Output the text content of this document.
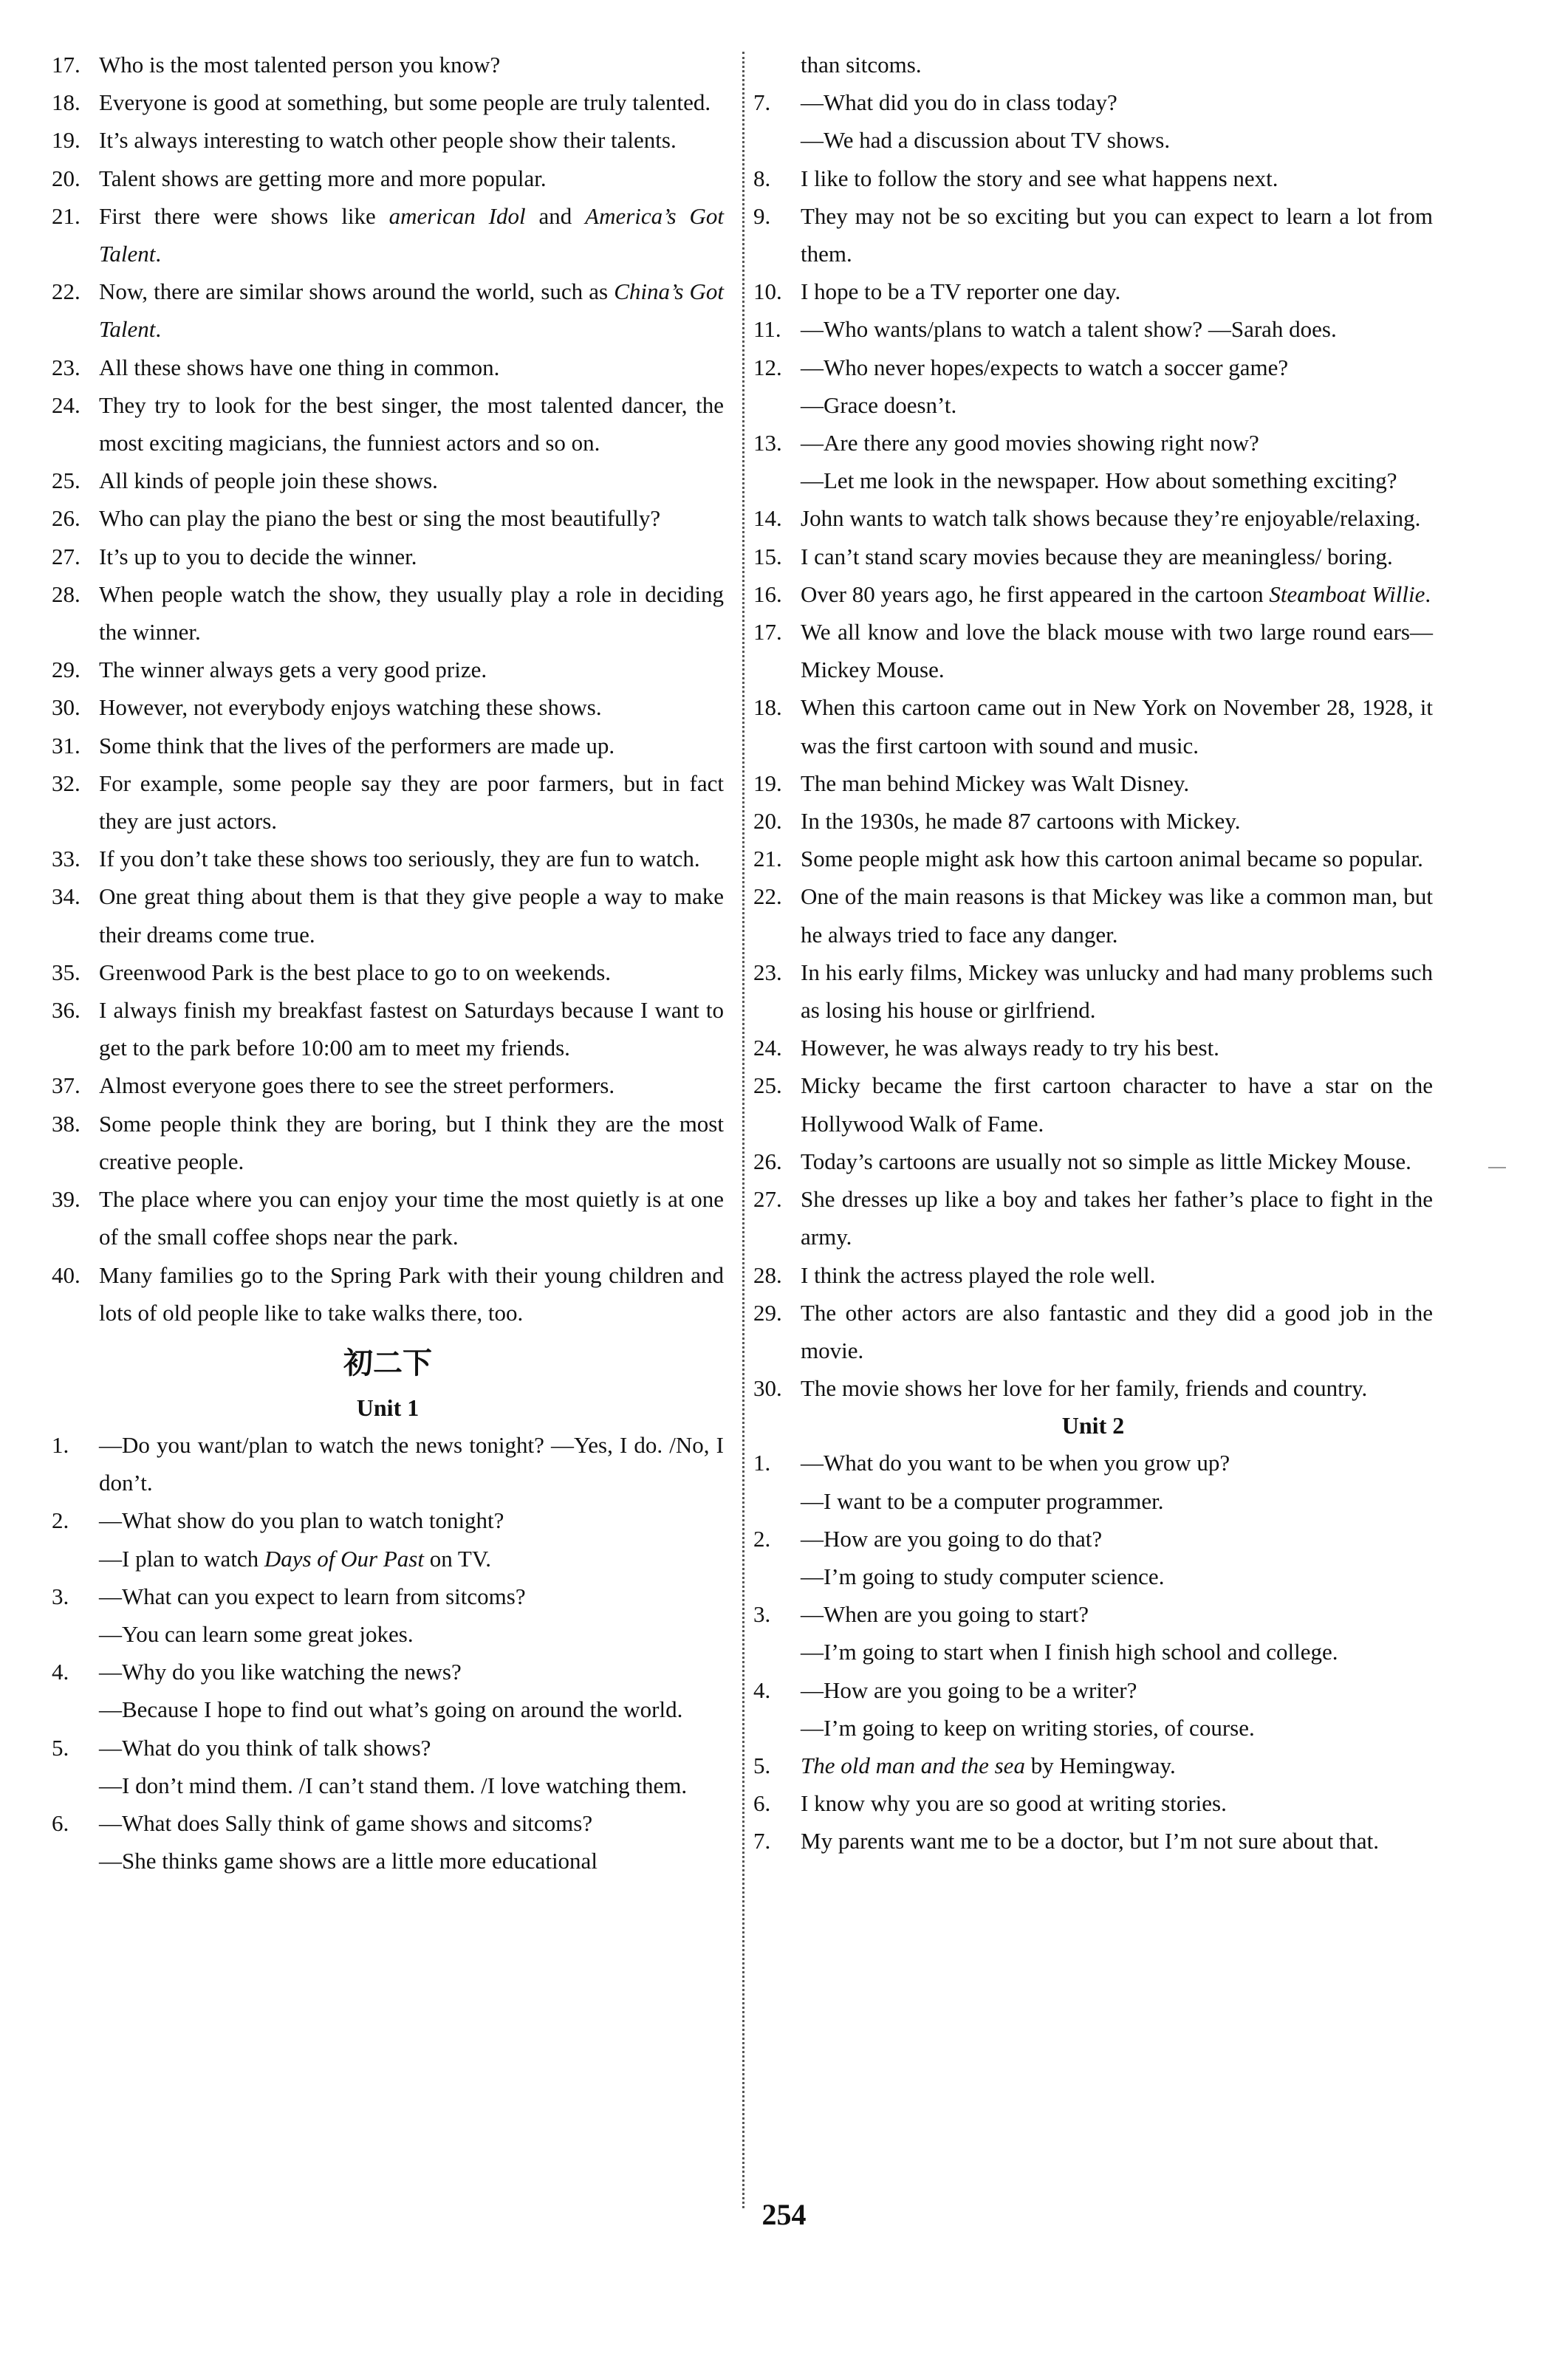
17. Who is the most talented person you know?
18. Everyone is good at something, but some people are truly talented.
19. It’s always interesting to watch other people show their talents.
20. Talent shows are getting more and more popular.
21. First there were shows like american Idol and America’s Got Talent.
22. Now, there are similar shows around the world, such as China’s Got Talent.
23. All these shows have one thing in common.
24. They try to look for the best singer, the most talented dancer, the most exciting magicians, the funniest actors and so on.
25. All kinds of people join these shows.
26. Who can play the piano the best or sing the most beautifully?
27. It’s up to you to decide the winner.
28. When people watch the show, they usually play a role in deciding the winner.
29. The winner always gets a very good prize.
30. However, not everybody enjoys watching these shows.
31. Some think that the lives of the performers are made up.
32. For example, some people say they are poor farmers, but in fact they are just actors.
33. If you don’t take these shows too seriously, they are fun to watch.
34. One great thing about them is that they give people a way to make their dreams come true.
35. Greenwood Park is the best place to go to on weekends.
36. I always finish my breakfast fastest on Saturdays because I want to get to the park before 10:00 am to meet my friends.
37. Almost everyone goes there to see the street performers.
38. Some people think they are boring, but I think they are the most creative people.
39. The place where you can enjoy your time the most quietly is at one of the small coffee shops near the park.
40. Many families go to the Spring Park with their young children and lots of old people like to take walks there, too.
初二下
Unit 1
1. —Do you want/plan to watch the news tonight? —Yes, I do. /No, I don’t.
2. —What show do you plan to watch tonight?
—I plan to watch Days of Our Past on TV.
3. —What can you expect to learn from sitcoms?
—You can learn some great jokes.
4. —Why do you like watching the news?
—Because I hope to find out what’s going on around the world.
5. —What do you think of talk shows?
—I don’t mind them. /I can’t stand them. /I love watching them.
6. —What does Sally think of game shows and sitcoms?
—She thinks game shows are a little more educational
than sitcoms.
7. —What did you do in class today?
—We had a discussion about TV shows.
8. I like to follow the story and see what happens next.
9. They may not be so exciting but you can expect to learn a lot from them.
10. I hope to be a TV reporter one day.
11. —Who wants/plans to watch a talent show? —Sarah does.
12. —Who never hopes/expects to watch a soccer game?
—Grace doesn’t.
13. —Are there any good movies showing right now?
—Let me look in the newspaper. How about something exciting?
14. John wants to watch talk shows because they’re enjoyable/relaxing.
15. I can’t stand scary movies because they are meaningless/ boring.
16. Over 80 years ago, he first appeared in the cartoon Steamboat Willie.
17. We all know and love the black mouse with two large round ears—Mickey Mouse.
18. When this cartoon came out in New York on November 28, 1928, it was the first cartoon with sound and music.
19. The man behind Mickey was Walt Disney.
20. In the 1930s, he made 87 cartoons with Mickey.
21. Some people might ask how this cartoon animal became so popular.
22. One of the main reasons is that Mickey was like a common man, but he always tried to face any danger.
23. In his early films, Mickey was unlucky and had many problems such as losing his house or girlfriend.
24. However, he was always ready to try his best.
25. Micky became the first cartoon character to have a star on the Hollywood Walk of Fame.
26. Today’s cartoons are usually not so simple as little Mickey Mouse.
27. She dresses up like a boy and takes her father’s place to fight in the army.
28. I think the actress played the role well.
29. The other actors are also fantastic and they did a good job in the movie.
30. The movie shows her love for her family, friends and country.
Unit 2
1. —What do you want to be when you grow up?
—I want to be a computer programmer.
2. —How are you going to do that?
—I’m going to study computer science.
3. —When are you going to start?
—I’m going to start when I finish high school and college.
4. —How are you going to be a writer?
—I’m going to keep on writing stories, of course.
5. The old man and the sea by Hemingway.
6. I know why you are so good at writing stories.
7. My parents want me to be a doctor, but I’m not sure about that.
254
